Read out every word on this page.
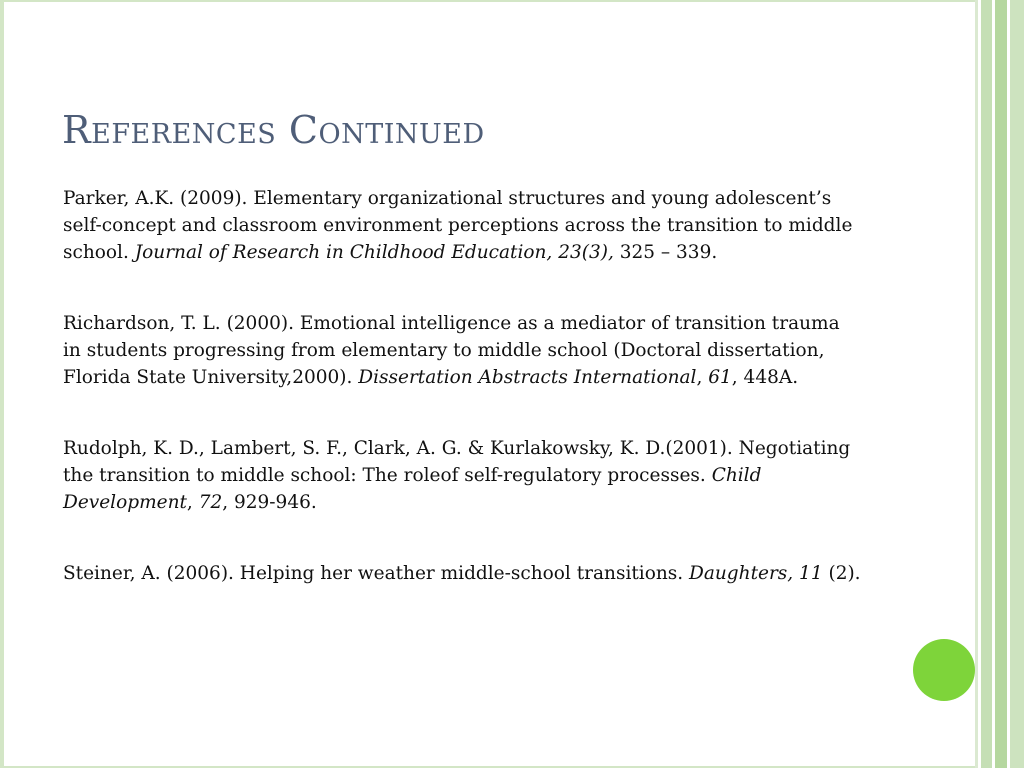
References Continued

Parker, A.K. (2009). Elementary organizational structures and young adolescent’s self-concept and classroom environment perceptions across the transition to middle school. Journal of Research in Childhood Education, 23(3), 325 – 339.

Richardson, T. L. (2000). Emotional intelligence as a mediator of transition trauma in students progressing from elementary to middle school (Doctoral dissertation, Florida State University,2000). Dissertation Abstracts International, 61, 448A.

Rudolph, K. D., Lambert, S. F., Clark, A. G. & Kurlakowsky, K. D.(2001). Negotiating the transition to middle school: The roleof self-regulatory processes. Child Development, 72, 929-946.

Steiner, A. (2006). Helping her weather middle-school transitions. Daughters, 11 (2).
